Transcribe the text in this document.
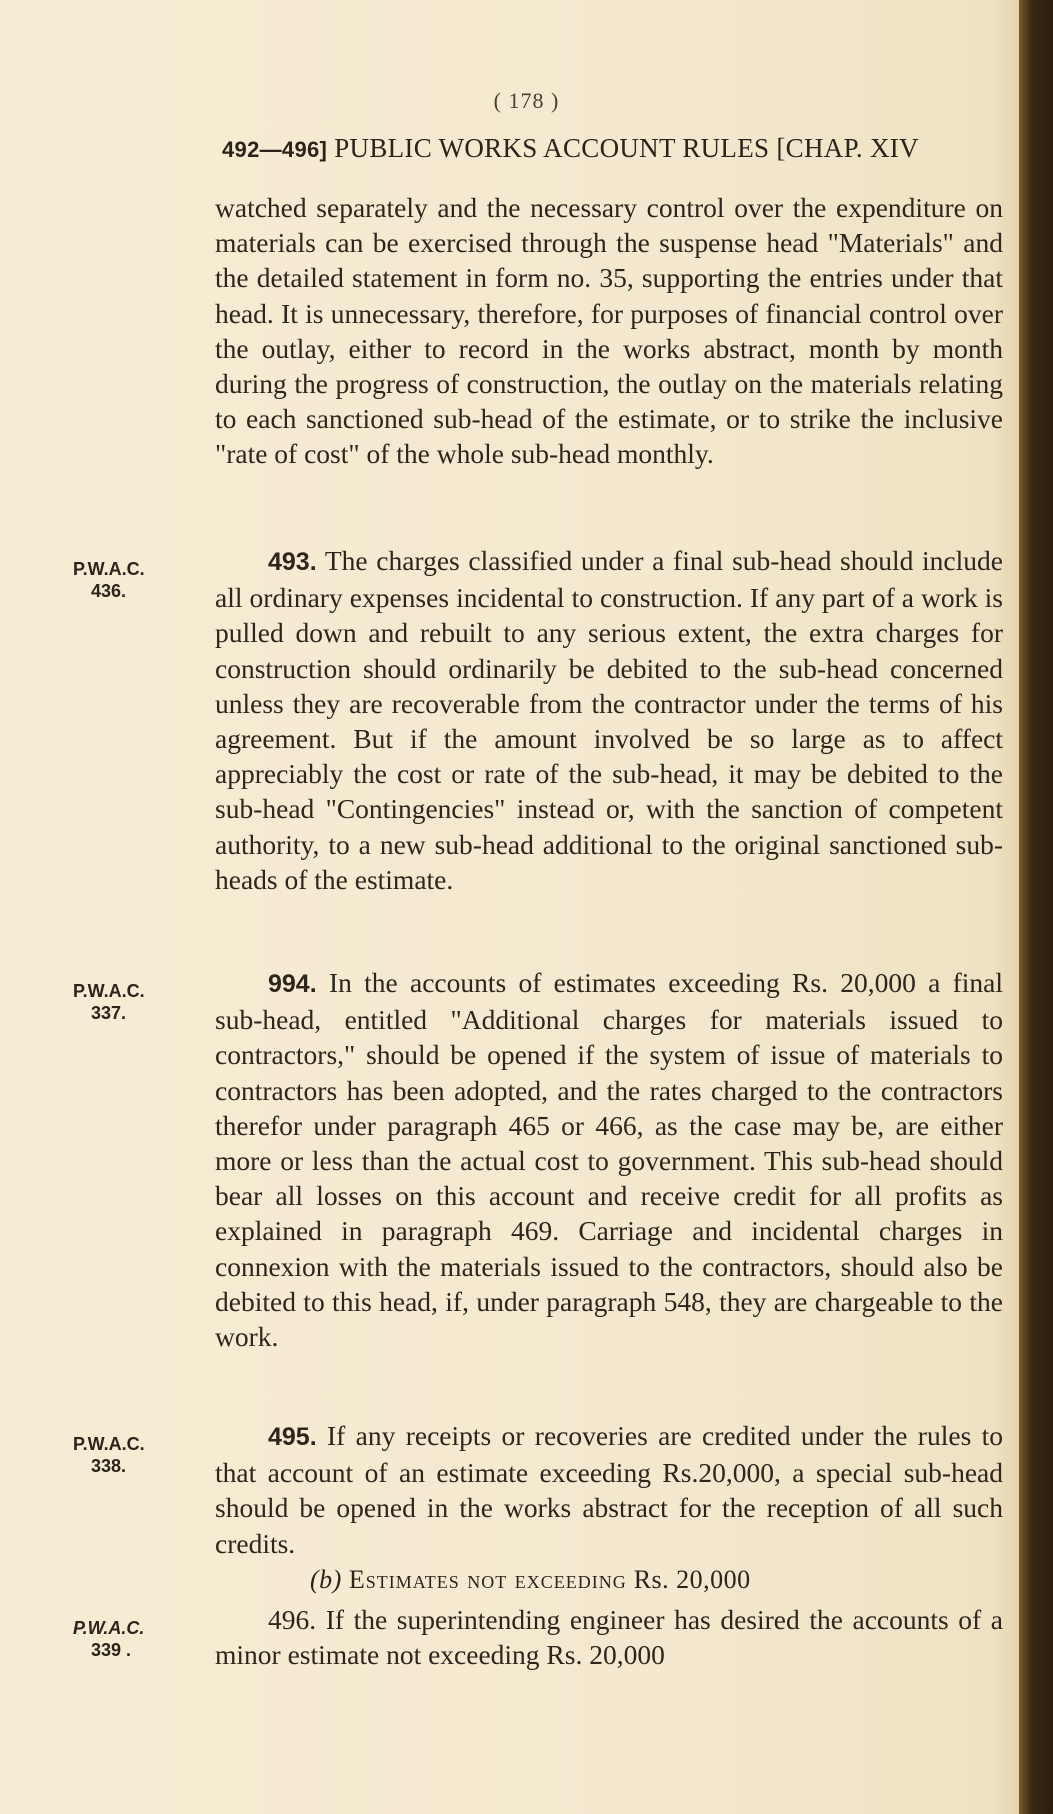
( 178 )
492—496] PUBLIC WORKS ACCOUNT RULES [CHAP. XIV

watched separately and the necessary control over the expenditure on materials can be exercised through the suspense head "Materials" and the detailed statement in form no. 35, supporting the entries under that head. It is unnecessary, therefore, for purposes of financial control over the outlay, either to record in the works abstract, month by month during the progress of construction, the outlay on the materials relating to each sanctioned sub-head of the estimate, or to strike the inclusive "rate of cost" of the whole sub-head monthly.

P.W.A.C.
436.

493. The charges classified under a final sub-head should include all ordinary expenses incidental to construction. If any part of a work is pulled down and rebuilt to any serious extent, the extra charges for construction should ordinarily be debited to the sub-head concerned unless they are recoverable from the contractor under the terms of his agreement. But if the amount involved be so large as to affect appreciably the cost or rate of the sub-head, it may be debited to the sub-head "Contingencies" instead or, with the sanction of competent authority, to a new sub-head additional to the original sanctioned sub-heads of the estimate.

P.W.A.C.
337.

994. In the accounts of estimates exceeding Rs. 20,000 a final sub-head, entitled "Additional charges for materials issued to contractors," should be opened if the system of issue of materials to contractors has been adopted, and the rates charged to the contractors therefor under paragraph 465 or 466, as the case may be, are either more or less than the actual cost to government. This sub-head should bear all losses on this account and receive credit for all profits as explained in paragraph 469. Carriage and incidental charges in connexion with the materials issued to the contractors, should also be debited to this head, if, under paragraph 548, they are chargeable to the work.

P.W.A.C.
338.

495. If any receipts or recoveries are credited under the rules to that account of an estimate exceeding Rs.20,000, a special sub-head should be opened in the works abstract for the reception of all such credits.

(b) Estimates not exceeding Rs. 20,000
P.W.A.C.
339 .

496. If the superintending engineer has desired the accounts of a minor estimate not exceeding Rs. 20,000
